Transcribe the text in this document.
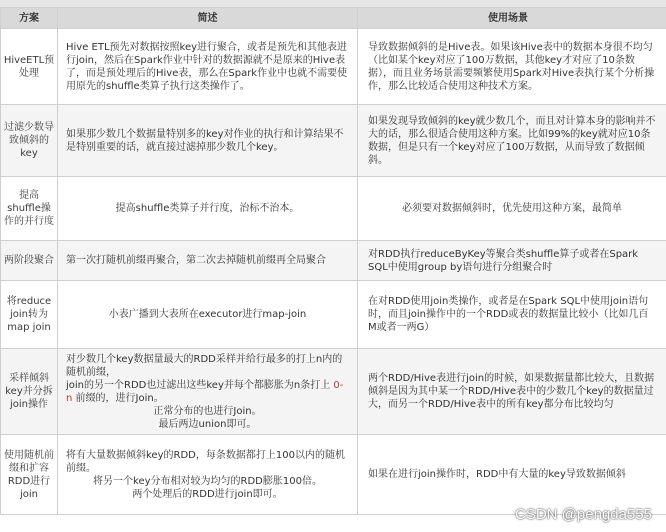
方案	简述	使用场景
HiveETL预处理	Hive ETL预先对数据按照key进行聚合，或者是预先和其他表进行join，然后在Spark作业中针对的数据源就不是原来的Hive表了，而是预处理后的Hive表，那么在Spark作业中也就不需要使用原先的shuffle类算子执行这类操作了。	导致数据倾斜的是Hive表。如果该Hive表中的数据本身很不均匀（比如某个key对应了100万数据，其他key才对应了10条数据），而且业务场景需要频繁使用Spark对Hive表执行某个分析操作，那么比较适合使用这种技术方案。
过滤少数导致倾斜的key	如果那少数几个数据量特别多的key对作业的执行和计算结果不是特别重要的话，就直接过滤掉那少数几个key。	如果发现导致倾斜的key就少数几个，而且对计算本身的影响并不大的话，那么很适合使用这种方案。比如99%的key就对应10条数据，但是只有一个key对应了100万数据，从而导致了数据倾斜。
提高shuffle操作的并行度	提高shuffle类算子并行度，治标不治本。	必须要对数据倾斜时，优先使用这种方案，最简单
两阶段聚合	第一次打随机前缀再聚合，第二次去掉随机前缀再全局聚合	对RDD执行reduceByKey等聚合类shuffle算子或者在Spark SQL中使用group by语句进行分组聚合时
将reduce join转为map join	小表广播到大表所在executor进行map-join	在对RDD使用join类操作，或者是在Spark SQL中使用join语句时，而且join操作中的一个RDD或表的数据量比较小（比如几百M或者一两G）
采样倾斜key并分拆join操作	对少数几个key数据量最大的RDD采样并给行最多的打上n内的随机前缀，
join的另一个RDD也过滤出这些key并每个都膨胀为n条打上 0-n 前缀的，进行Join。

正常分布的也进行Join。
最后两边union即可。	两个RDD/Hive表进行join的时候，如果数据量都比较大，且数据倾斜是因为其中某一个RDD/Hive表中的少数几个key的数据量过大，而另一个RDD/Hive表中的所有key都分布比较均匀
使用随机前缀和扩容RDD进行join	将有大量数据倾斜key的RDD，每条数据都打上100以内的随机前缀。

将另一个key分布相对较为均匀的RDD膨胀100倍。
两个处理后的RDD进行join即可。	如果在进行join操作时，RDD中有大量的key导致数据倾斜
CSDN @pengda555
